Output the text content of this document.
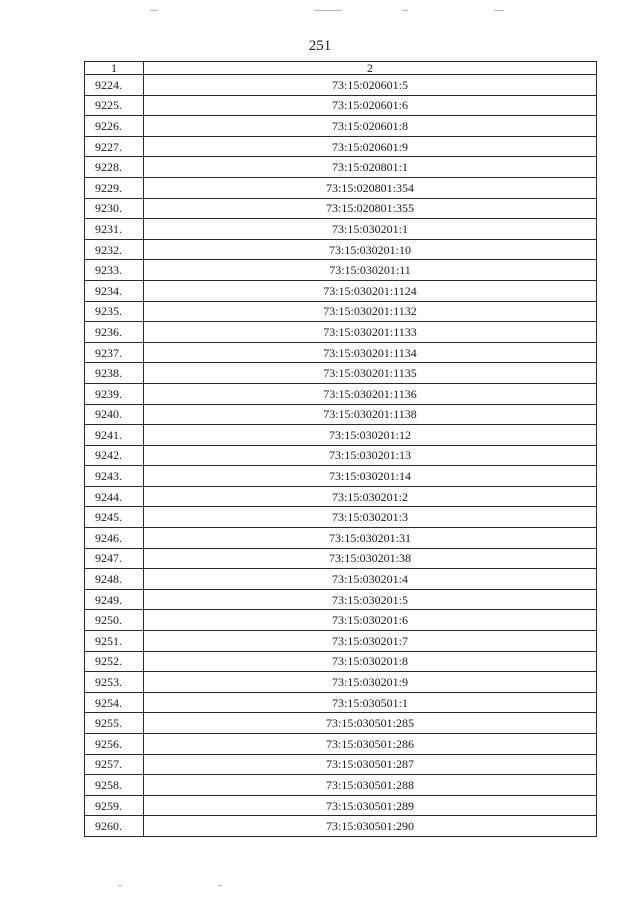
251
1	2
9224.	73:15:020601:5
9225.	73:15:020601:6
9226.	73:15:020601:8
9227.	73:15:020601:9
9228.	73:15:020801:1
9229.	73:15:020801:354
9230.	73:15:020801:355
9231.	73:15:030201:1
9232.	73:15:030201:10
9233.	73:15:030201:11
9234.	73:15:030201:1124
9235.	73:15:030201:1132
9236.	73:15:030201:1133
9237.	73:15:030201:1134
9238.	73:15:030201:1135
9239.	73:15:030201:1136
9240.	73:15:030201:1138
9241.	73:15:030201:12
9242.	73:15:030201:13
9243.	73:15:030201:14
9244.	73:15:030201:2
9245.	73:15:030201:3
9246.	73:15:030201:31
9247.	73:15:030201:38
9248.	73:15:030201:4
9249.	73:15:030201:5
9250.	73:15:030201:6
9251.	73:15:030201:7
9252.	73:15:030201:8
9253.	73:15:030201:9
9254.	73:15:030501:1
9255.	73:15:030501:285
9256.	73:15:030501:286
9257.	73:15:030501:287
9258.	73:15:030501:288
9259.	73:15:030501:289
9260.	73:15:030501:290
